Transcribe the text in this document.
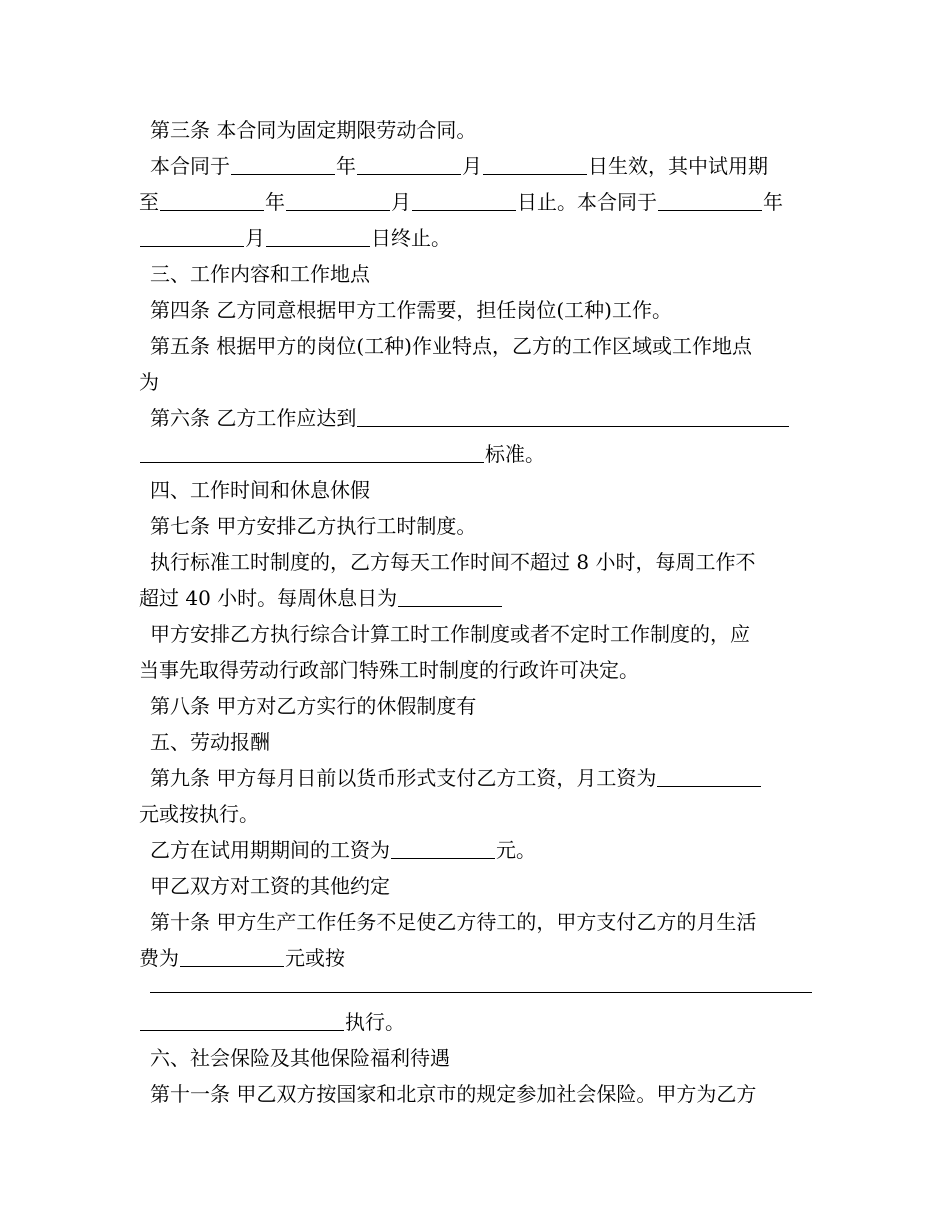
第三条 本合同为固定期限劳动合同。
本合同于	年	月	日生效，其中试用期
至	年	月	日止。本合同于	年
月	日终止。
三、工作内容和工作地点
第四条 乙方同意根据甲方工作需要，担任岗位(工种)工作。
第五条 根据甲方的岗位(工种)作业特点，乙方的工作区域或工作地点
为
第六条 乙方工作应达到
标准。
四、工作时间和休息休假
第七条 甲方安排乙方执行工时制度。
执行标准工时制度的，乙方每天工作时间不超过 8 小时，每周工作不
超过 40 小时。每周休息日为
甲方安排乙方执行综合计算工时工作制度或者不定时工作制度的，应
当事先取得劳动行政部门特殊工时制度的行政许可决定。
第八条 甲方对乙方实行的休假制度有
五、劳动报酬
第九条 甲方每月日前以货币形式支付乙方工资，月工资为
元或按执行。
乙方在试用期期间的工资为	元。
甲乙双方对工资的其他约定
第十条 甲方生产工作任务不足使乙方待工的，甲方支付乙方的月生活
费为	元或按
执行。
六、社会保险及其他保险福利待遇
第十一条 甲乙双方按国家和北京市的规定参加社会保险。甲方为乙方
